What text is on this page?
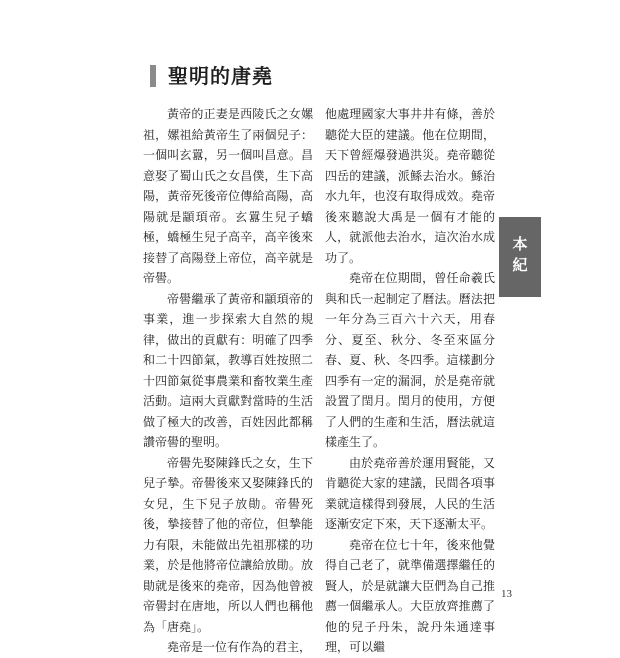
聖明的唐堯

黃帝的正妻是西陵氏之女嫘祖，嫘祖給黃帝生了兩個兒子：一個叫玄囂，另一個叫昌意。昌意娶了蜀山氏之女昌僕，生下高陽，黃帝死後帝位傳給高陽，高陽就是顓頊帝。玄囂生兒子蟜極，蟜極生兒子高辛，高辛後來接替了高陽登上帝位，高辛就是帝嚳。

帝嚳繼承了黃帝和顓頊帝的事業，進一步探索大自然的規律，做出的貢獻有：明確了四季和二十四節氣，教導百姓按照二十四節氣從事農業和畜牧業生產活動。這兩大貢獻對當時的生活做了極大的改善，百姓因此都稱讚帝嚳的聖明。

帝嚳先娶陳鋒氏之女，生下兒子摯。帝嚳後來又娶陳鋒氏的女兒，生下兒子放勛。帝嚳死後，摯接替了他的帝位，但摯能力有限，未能做出先祖那樣的功業，於是他將帝位讓給放勛。放勛就是後來的堯帝，因為他曾被帝嚳封在唐地，所以人們也稱他為「唐堯」。

堯帝是一位有作為的君主，

他處理國家大事井井有條，善於聽從大臣的建議。他在位期間，天下曾經爆發過洪災。堯帝聽從四岳的建議，派鯀去治水。鯀治水九年，也沒有取得成效。堯帝後來聽說大禹是一個有才能的人，就派他去治水，這次治水成功了。

堯帝在位期間，曾任命羲氏與和氏一起制定了曆法。曆法把一年分為三百六十六天，用春分、夏至、秋分、冬至來區分春、夏、秋、冬四季。這樣劃分四季有一定的漏洞，於是堯帝就設置了閏月。閏月的使用，方便了人們的生產和生活，曆法就這樣產生了。

由於堯帝善於運用賢能，又肯聽從大家的建議，民間各項事業就這樣得到發展，人民的生活逐漸安定下來，天下逐漸太平。

堯帝在位七十年，後來他覺得自己老了，就準備選擇繼任的賢人，於是就讓大臣們為自己推薦一個繼承人。大臣放齊推薦了他的兒子丹朱，說丹朱通達事理，可以繼

本紀
13
